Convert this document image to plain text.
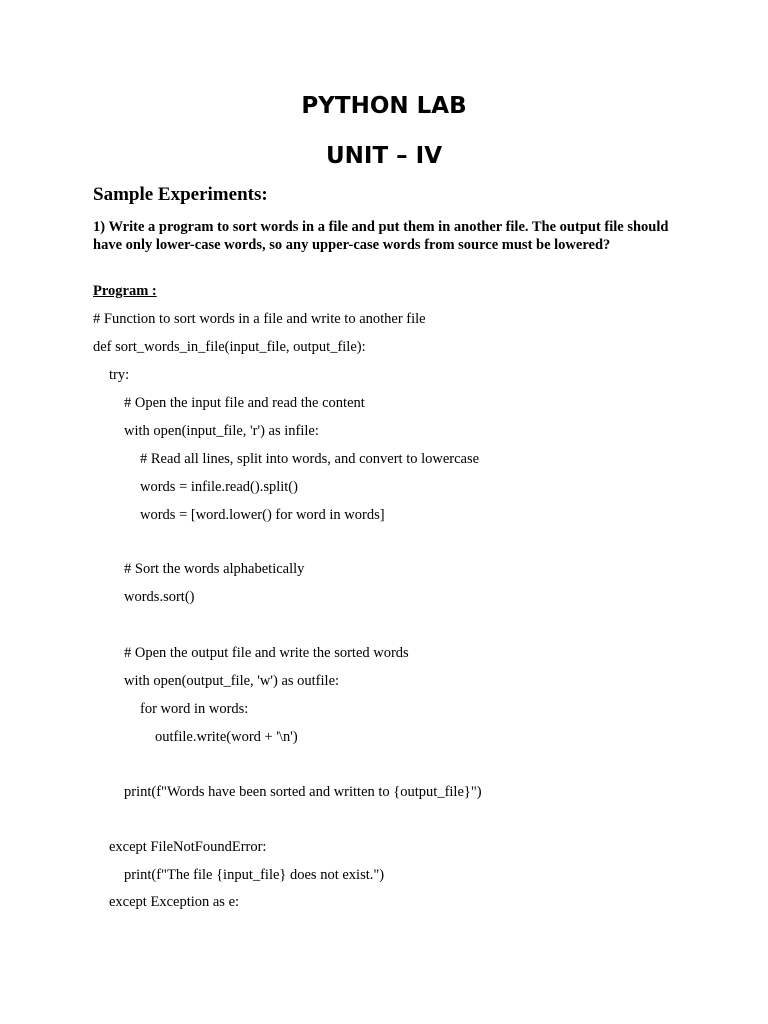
PYTHON LAB
UNIT – IV
Sample Experiments:
1) Write a program to sort words in a file and put them in another file. The output file should have only lower-case words, so any upper-case words from source must be lowered?
Program :
# Function to sort words in a file and write to another file
def sort_words_in_file(input_file, output_file):
try:
# Open the input file and read the content
with open(input_file, 'r') as infile:
# Read all lines, split into words, and convert to lowercase
words = infile.read().split()
words = [word.lower() for word in words]
# Sort the words alphabetically
words.sort()
# Open the output file and write the sorted words
with open(output_file, 'w') as outfile:
for word in words:
outfile.write(word + '\n')
print(f"Words have been sorted and written to {output_file}")
except FileNotFoundError:
print(f"The file {input_file} does not exist.")
except Exception as e:
